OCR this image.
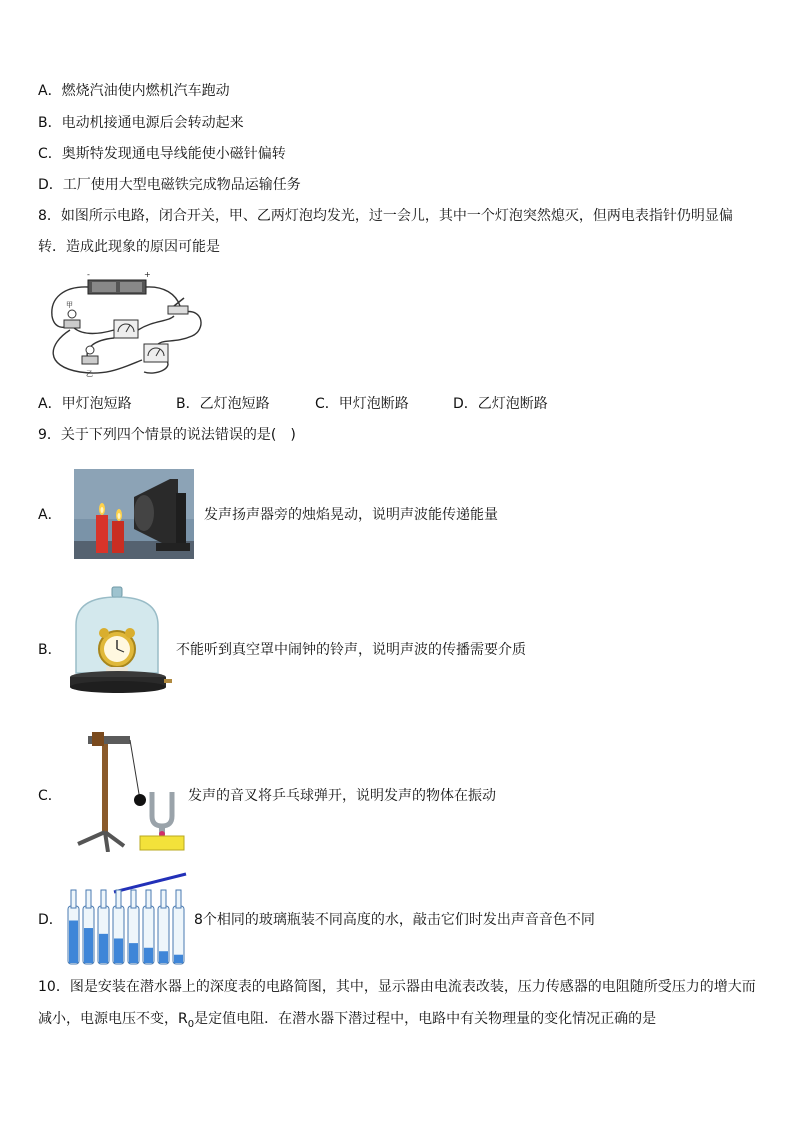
A．燃烧汽油使内燃机汽车跑动
B．电动机接通电源后会转动起来
C．奥斯特发现通电导线能使小磁针偏转
D．工厂使用大型电磁铁完成物品运输任务
8．如图所示电路，闭合开关，甲、乙两灯泡均发光，过一会儿，其中一个灯泡突然熄灭，但两电表指针仍明显偏
转．造成此现象的原因可能是
-	+
甲
乙
A．甲灯泡短路	B．乙灯泡短路	C．甲灯泡断路	D．乙灯泡断路
9．关于下列四个情景的说法错误的是(　)
A．	发声扬声器旁的烛焰晃动，说明声波能传递能量
B．	不能听到真空罩中闹钟的铃声，说明声波的传播需要介质
C．	发声的音叉将乒乓球弹开，说明发声的物体在振动
D．	8个相同的玻璃瓶装不同高度的水，敲击它们时发出声音音色不同
10．图是安装在潜水器上的深度表的电路简图，其中，显示器由电流表改装，压力传感器的电阻随所受压力的增大而
减小，电源电压不变，$R_0$是定值电阻．在潜水器下潜过程中，电路中有关物理量的变化情况正确的是
